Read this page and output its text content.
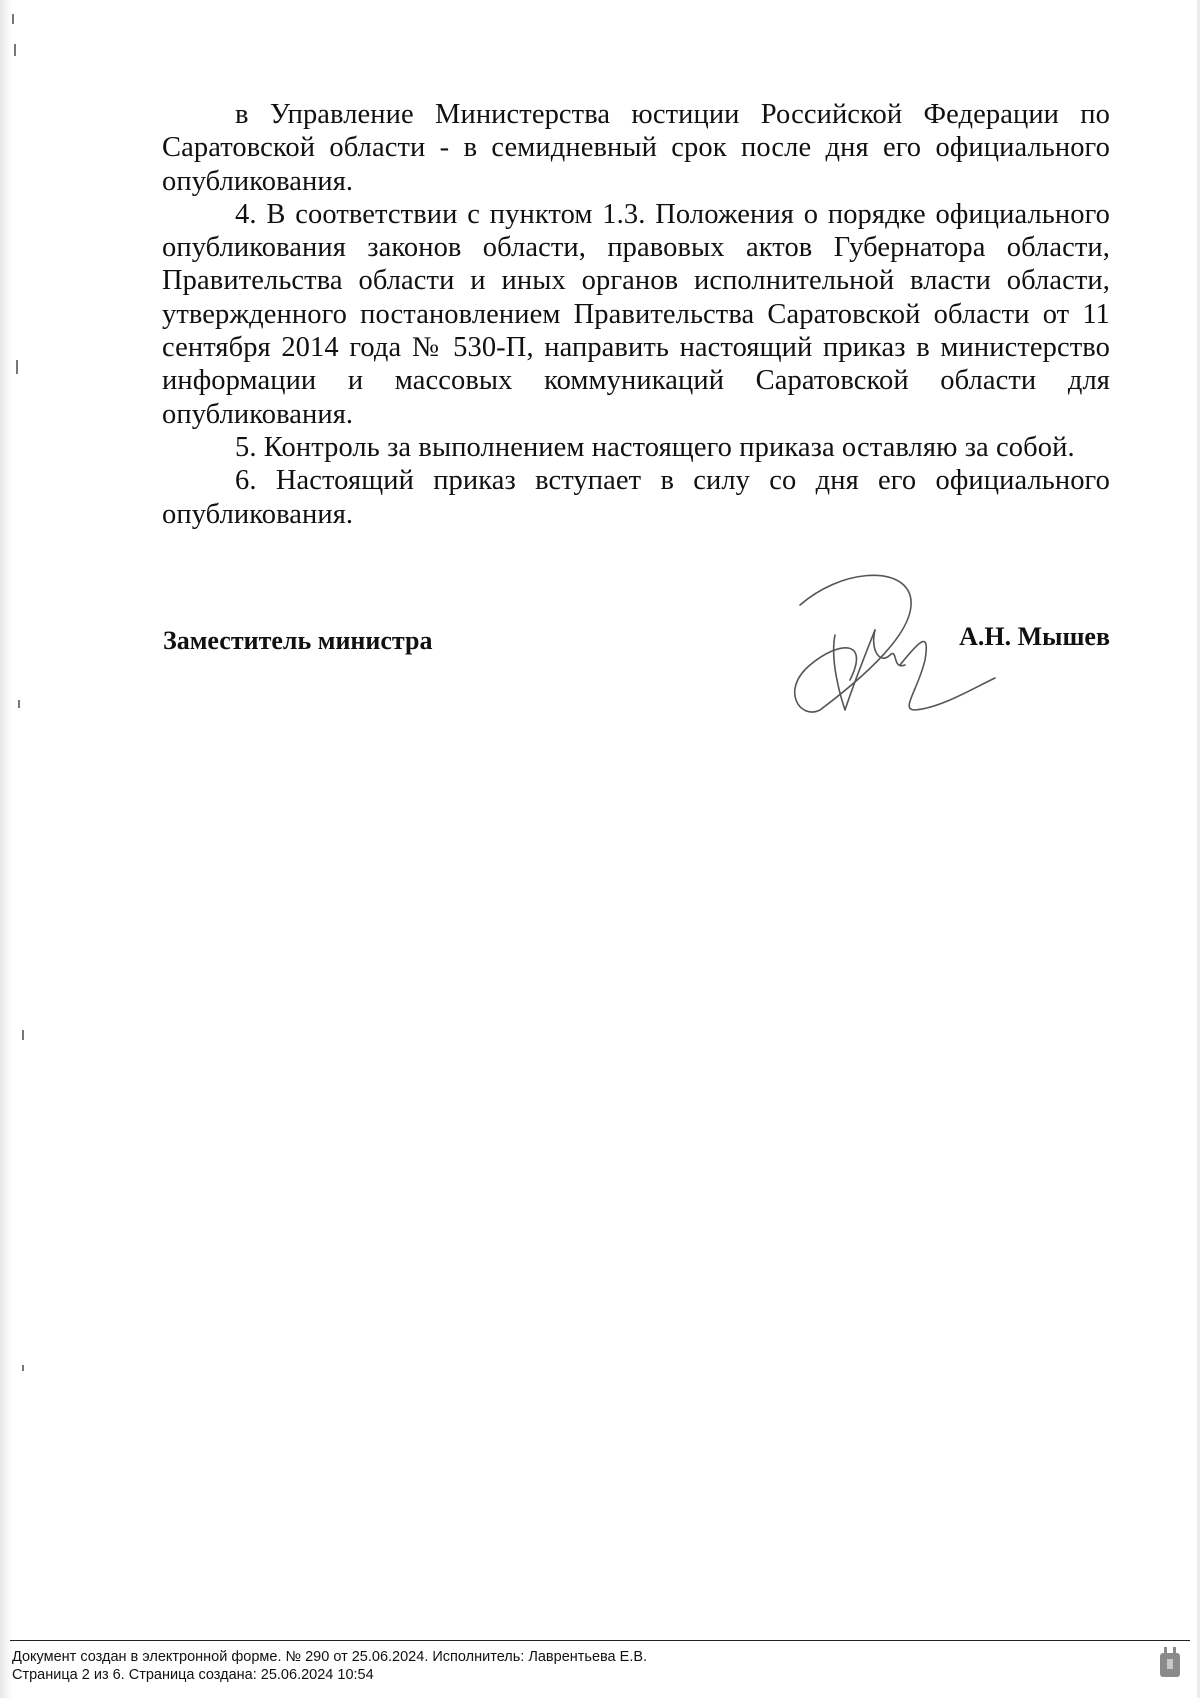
в Управление Министерства юстиции Российской Федерации по Саратовской области - в семидневный срок после дня его официального опубликования.

4. В соответствии с пунктом 1.3. Положения о порядке официального опубликования законов области, правовых актов Губернатора области, Правительства области и иных органов исполнительной власти области, утвержденного постановлением Правительства Саратовской области от 11 сентября 2014 года № 530-П, направить настоящий приказ в министерство информации и массовых коммуникаций Саратовской области для опубликования.

5. Контроль за выполнением настоящего приказа оставляю за собой.

6. Настоящий приказ вступает в силу со дня его официального опубликования.

Заместитель министра	А.Н. Мышев
Документ создан в электронной форме. № 290 от 25.06.2024. Исполнитель: Лаврентьева Е.В.
Страница 2 из 6. Страница создана: 25.06.2024 10:54
